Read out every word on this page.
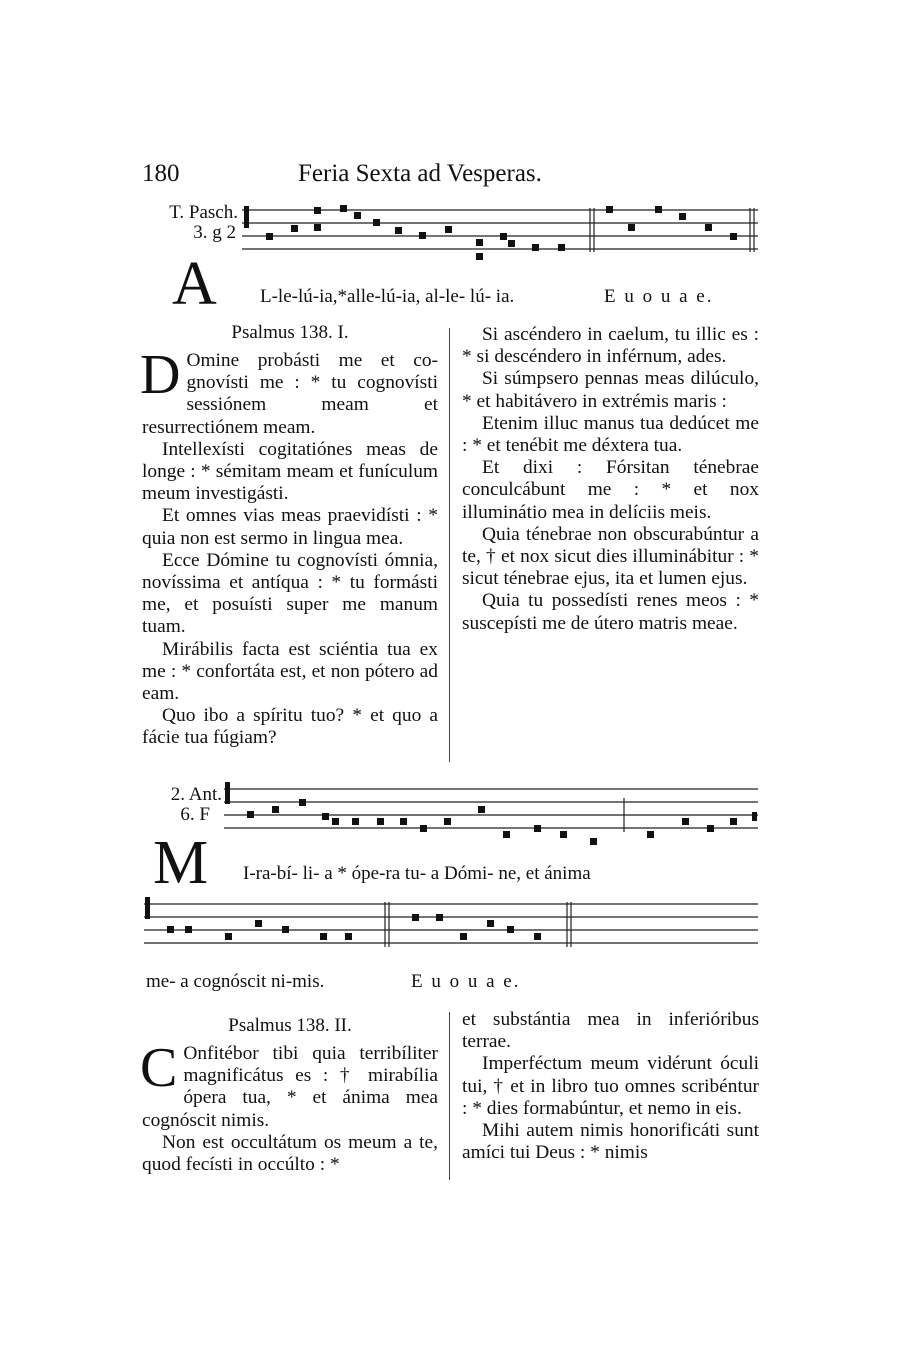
180	Feria Sexta ad Vesperas.
T. Pasch.
3. g 2
A L-le-lú-ia,*alle-lú-ia, al-le- lú- ia.	E u o u a e.
Psalmus 138. I.

D Omine probásti me et co- gnovísti me : * tu cognovísti sessiónem meam et resurrectiónem meam.

Intellexísti cogitatiónes meas de longe : * sémitam meam et funículum meum investigásti.

Et omnes vias meas praevidísti : * quia non est sermo in lingua mea.

Ecce Dómine tu cognovísti ómnia, novíssima et antíqua : * tu formásti me, et posuísti super me manum tuam.

Mirábilis facta est sciéntia tua ex me : * confortáta est, et non pótero ad eam.

Quo ibo a spíritu tuo? * et quo a fácie tua fúgiam?

Si ascéndero in caelum, tu illic es : * si descéndero in inférnum, ades.

Si súmpsero pennas meas dilúculo, * et habitávero in extrémis maris :

Etenim illuc manus tua dedúcet me : * et tenébit me déxtera tua.

Et dixi : Fórsitan ténebrae conculcábunt me : * et nox illuminátio mea in delíciis meis.

Quia ténebrae non obscurabúntur a te, † et nox sicut dies illuminábitur : * sicut ténebrae ejus, ita et lumen ejus.

Quia tu possedísti renes meos : * suscepísti me de útero matris meae.

2. Ant.
6. F
M I-ra-bí- li- a * ópe-ra tu- a Dómi- ne, et ánima
me- a cognóscit ni-mis.	E u o u a e.
Psalmus 138. II.

C Onfitébor tibi quia terribíliter magnificátus es : † mirabília ópera tua, * et ánima mea cognóscit nimis.

Non est occultátum os meum a te, quod fecísti in occúlto : *

et substántia mea in inferióribus terrae.

Imperféctum meum vidérunt óculi tui, † et in libro tuo omnes scribéntur : * dies formabúntur, et nemo in eis.

Mihi autem nimis honorificáti sunt amíci tui Deus : * nimis
